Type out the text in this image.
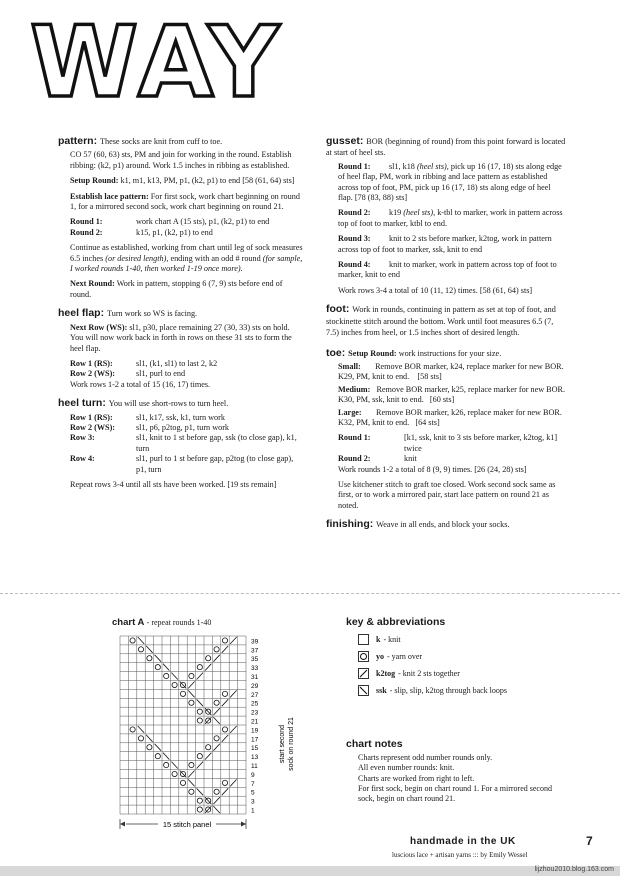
WAY
pattern: These socks are knit from cuff to toe.

CO 57 (60, 63) sts, PM and join for working in the round. Establish ribbing: (k2, p1) around. Work 1.5 inches in ribbing as established.

Setup Round: k1, m1, k13, PM, p1, (k2, p1) to end [58 (61, 64) sts]

Establish lace pattern: For first sock, work chart beginning on round 1, for a mirrored second sock, work chart beginning on round 21.

Round 1:	work chart A (15 sts), p1, (k2, p1) to end
Round 2:	k15, p1, (k2, p1) to end

Continue as established, working from chart until leg of sock measures 6.5 inches (or desired length), ending with an odd # round (for sample, I worked rounds 1-40, then worked 1-19 once more).

Next Round: Work in pattern, stopping 6 (7, 9) sts before end of round.

heel flap: Turn work so WS is facing.

Next Row (WS): sl1, p30, place remaining 27 (30, 33) sts on hold. You will now work back in forth in rows on these 31 sts to form the heel flap.

Row 1 (RS):	sl1, (k1, sl1) to last 2, k2
Row 2 (WS):	sl1, purl to end

Work rows 1-2 a total of 15 (16, 17) times.

heel turn: You will use short-rows to turn heel.
Row 1 (RS):	sl1, k17, ssk, k1, turn work
Row 2 (WS):	sl1, p6, p2tog, p1, turn work
Row 3:	sl1, knit to 1 st before gap, ssk (to close gap), k1, turn
Row 4:	sl1, purl to 1 st before gap, p2tog (to close gap), p1, turn

Repeat rows 3-4 until all sts have been worked. [19 sts remain]

gusset: BOR (beginning of round) from this point forward is located at start of heel sts.

Round 1: sl1, k18 (heel sts), pick up 16 (17, 18) sts along edge of heel flap, PM, work in ribbing and lace pattern as established across top of foot, PM, pick up 16 (17, 18) sts along edge of heel flap. [78 (83, 88) sts]

Round 2: k19 (heel sts), k-tbl to marker, work in pattern across top of foot to marker, ktbl to end.

Round 3: knit to 2 sts before marker, k2tog, work in pattern across top of foot to marker, ssk, knit to end

Round 4: knit to marker, work in pattern across top of foot to marker, knit to end

Work rows 3-4 a total of 10 (11, 12) times. [58 (61, 64) sts]

foot: Work in rounds, continuing in pattern as set at top of foot, and stockinette stitch around the bottom. Work until foot measures 6.5 (7, 7.5) inches from heel, or 1.5 inches short of desired length.
toe: Setup Round: work instructions for your size.

Small: Remove BOR marker, k24, replace marker for new BOR. K29, PM, knit to end. [58 sts]

Medium: Remove BOR marker, k25, replace marker for new BOR. K30, PM, ssk, knit to end. [60 sts]

Large: Remove BOR marker, k26, replace maker for new BOR. K32, PM, knit to end. [64 sts]

Round 1:	[k1, ssk, knit to 3 sts before marker, k2tog, k1] twice
Round 2:	knit

Work rounds 1-2 a total of 8 (9, 9) times. [26 (24, 28) sts]

Use kitchener stitch to graft toe closed. Work second sock same as first, or to work a mirrored pair, start lace pattern on round 21 as noted.

finishing: Weave in all ends, and block your socks.
chart A - repeat rounds 1-40
39
37
35
33
31
29
27
25
23
21
19
17
15
13
11
9
7
5
3
1
start second sock on round 21
15 stitch panel
key & abbreviations
k - knit
yo - yarn over
k2tog - knit 2 sts together
ssk - slip, slip, k2tog through back loops
chart notes
Charts represent odd number rounds only.
All even number rounds: knit.
Charts are worked from right to left.
For first sock, begin on chart round 1. For a mirrored second sock, begin on chart round 21.
handmade in the UK
luscious lace + artisan yarns ::: by Emily Wessel
7
lijzhou2010.blog.163.com
